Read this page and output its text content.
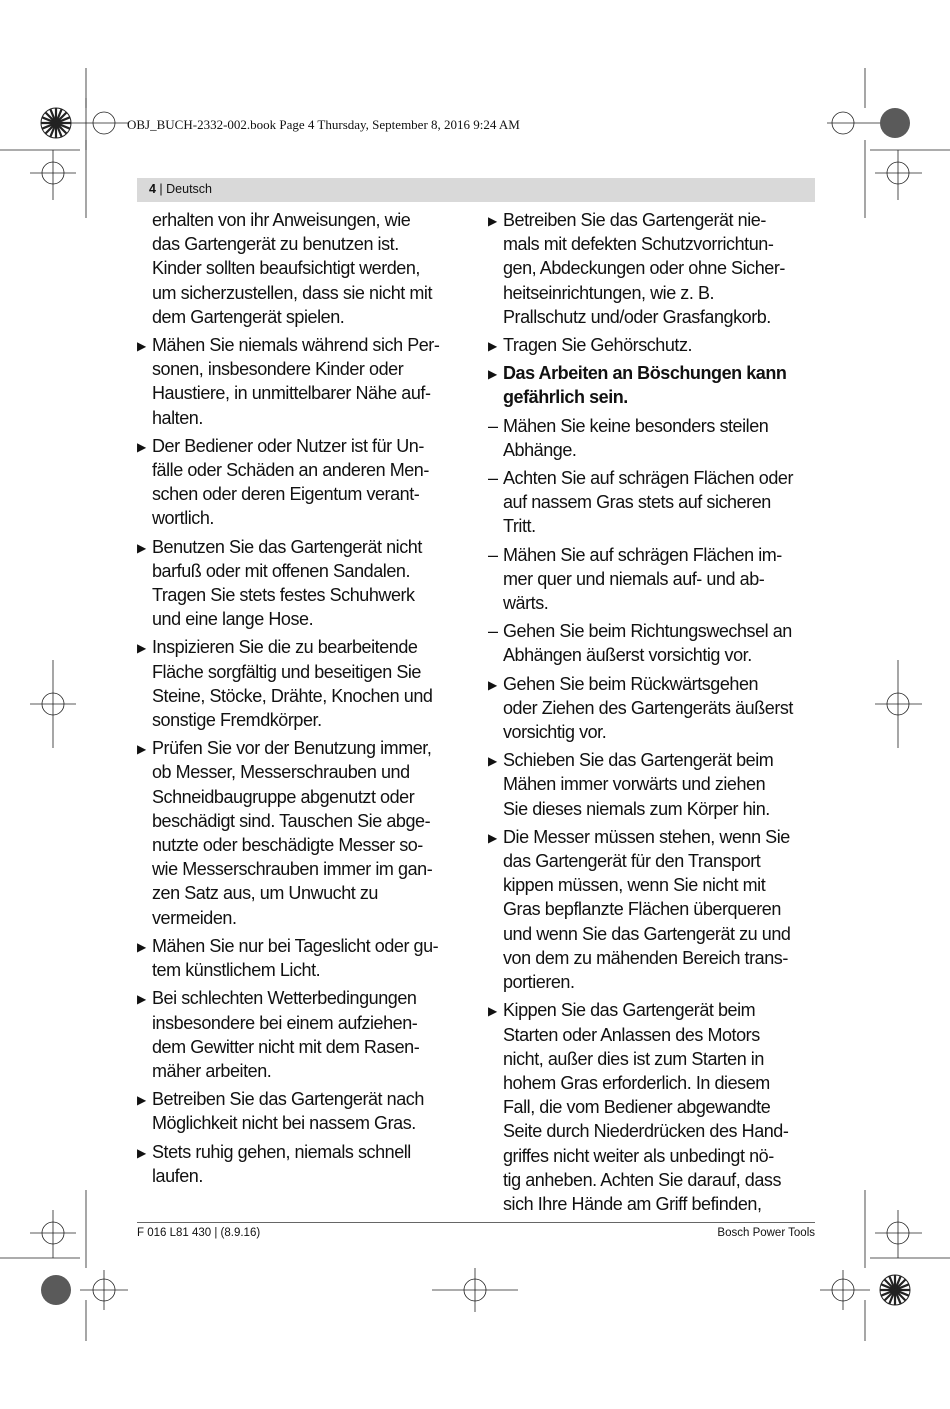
OBJ_BUCH-2332-002.book Page 4 Thursday, September 8, 2016 9:24 AM
4 | Deutsch
erhalten von ihr Anweisungen, wie
das Gartengerät zu benutzen ist.
Kinder sollten beaufsichtigt werden,
um sicherzustellen, dass sie nicht mit
dem Gartengerät spielen.
▶ Mähen Sie niemals während sich Per-
sonen, insbesondere Kinder oder
Haustiere, in unmittelbarer Nähe auf-
halten.
▶ Der Bediener oder Nutzer ist für Un-
fälle oder Schäden an anderen Men-
schen oder deren Eigentum verant-
wortlich.
▶ Benutzen Sie das Gartengerät nicht
barfuß oder mit offenen Sandalen.
Tragen Sie stets festes Schuhwerk
und eine lange Hose.
▶ Inspizieren Sie die zu bearbeitende
Fläche sorgfältig und beseitigen Sie
Steine, Stöcke, Drähte, Knochen und
sonstige Fremdkörper.
▶ Prüfen Sie vor der Benutzung immer,
ob Messer, Messerschrauben und
Schneidbaugruppe abgenutzt oder
beschädigt sind. Tauschen Sie abge-
nutzte oder beschädigte Messer so-
wie Messerschrauben immer im gan-
zen Satz aus, um Unwucht zu
vermeiden.
▶ Mähen Sie nur bei Tageslicht oder gu-
tem künstlichem Licht.
▶ Bei schlechten Wetterbedingungen
insbesondere bei einem aufziehen-
dem Gewitter nicht mit dem Rasen-
mäher arbeiten.
▶ Betreiben Sie das Gartengerät nach
Möglichkeit nicht bei nassem Gras.
▶ Stets ruhig gehen, niemals schnell
laufen.
▶ Betreiben Sie das Gartengerät nie-
mals mit defekten Schutzvorrichtun-
gen, Abdeckungen oder ohne Sicher-
heitseinrichtungen, wie z. B.
Prallschutz und/oder Grasfangkorb.
▶ Tragen Sie Gehörschutz.
▶ Das Arbeiten an Böschungen kann
gefährlich sein.
– Mähen Sie keine besonders steilen
Abhänge.
– Achten Sie auf schrägen Flächen oder
auf nassem Gras stets auf sicheren
Tritt.
– Mähen Sie auf schrägen Flächen im-
mer quer und niemals auf- und ab-
wärts.
– Gehen Sie beim Richtungswechsel an
Abhängen äußerst vorsichtig vor.
▶ Gehen Sie beim Rückwärtsgehen
oder Ziehen des Gartengeräts äußerst
vorsichtig vor.
▶ Schieben Sie das Gartengerät beim
Mähen immer vorwärts und ziehen
Sie dieses niemals zum Körper hin.
▶ Die Messer müssen stehen, wenn Sie
das Gartengerät für den Transport
kippen müssen, wenn Sie nicht mit
Gras bepflanzte Flächen überqueren
und wenn Sie das Gartengerät zu und
von dem zu mähenden Bereich trans-
portieren.
▶ Kippen Sie das Gartengerät beim
Starten oder Anlassen des Motors
nicht, außer dies ist zum Starten in
hohem Gras erforderlich. In diesem
Fall, die vom Bediener abgewandte
Seite durch Niederdrücken des Hand-
griffes nicht weiter als unbedingt nö-
tig anheben. Achten Sie darauf, dass
sich Ihre Hände am Griff befinden,
F 016 L81 430 | (8.9.16)	Bosch Power Tools
